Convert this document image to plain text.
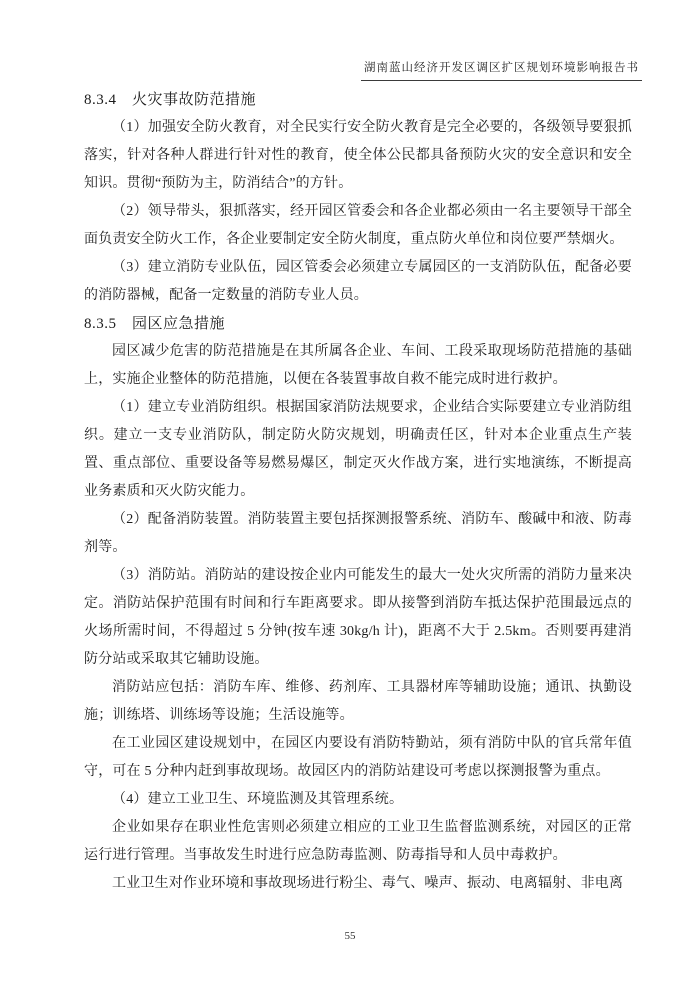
湖南蓝山经济开发区调区扩区规划环境影响报告书
8.3.4　火灾事故防范措施

（1）加强安全防火教育，对全民实行安全防火教育是完全必要的，各级领导要狠抓落实，针对各种人群进行针对性的教育，使全体公民都具备预防火灾的安全意识和安全知识。贯彻“预防为主，防消结合”的方针。

（2）领导带头，狠抓落实，经开园区管委会和各企业都必须由一名主要领导干部全面负责安全防火工作，各企业要制定安全防火制度，重点防火单位和岗位要严禁烟火。

（3）建立消防专业队伍，园区管委会必须建立专属园区的一支消防队伍，配备必要的消防器械，配备一定数量的消防专业人员。

8.3.5　园区应急措施

园区减少危害的防范措施是在其所属各企业、车间、工段采取现场防范措施的基础上，实施企业整体的防范措施，以便在各装置事故自救不能完成时进行救护。

（1）建立专业消防组织。根据国家消防法规要求，企业结合实际要建立专业消防组织。建立一支专业消防队，制定防火防灾规划，明确责任区，针对本企业重点生产装置、重点部位、重要设备等易燃易爆区，制定灭火作战方案，进行实地演练，不断提高业务素质和灭火防灾能力。

（2）配备消防装置。消防装置主要包括探测报警系统、消防车、酸碱中和液、防毒剂等。

（3）消防站。消防站的建设按企业内可能发生的最大一处火灾所需的消防力量来决定。消防站保护范围有时间和行车距离要求。即从接警到消防车抵达保护范围最远点的火场所需时间，不得超过 5 分钟(按车速 30kg/h 计)，距离不大于 2.5km。否则要再建消防分站或采取其它辅助设施。

消防站应包括：消防车库、维修、药剂库、工具器材库等辅助设施；通讯、执勤设施；训练塔、训练场等设施；生活设施等。

在工业园区建设规划中，在园区内要设有消防特勤站，须有消防中队的官兵常年值守，可在 5 分种内赶到事故现场。故园区内的消防站建设可考虑以探测报警为重点。

（4）建立工业卫生、环境监测及其管理系统。

企业如果存在职业性危害则必须建立相应的工业卫生监督监测系统，对园区的正常运行进行管理。当事故发生时进行应急防毒监测、防毒指导和人员中毒救护。

工业卫生对作业环境和事故现场进行粉尘、毒气、噪声、振动、电离辐射、非电离

55
